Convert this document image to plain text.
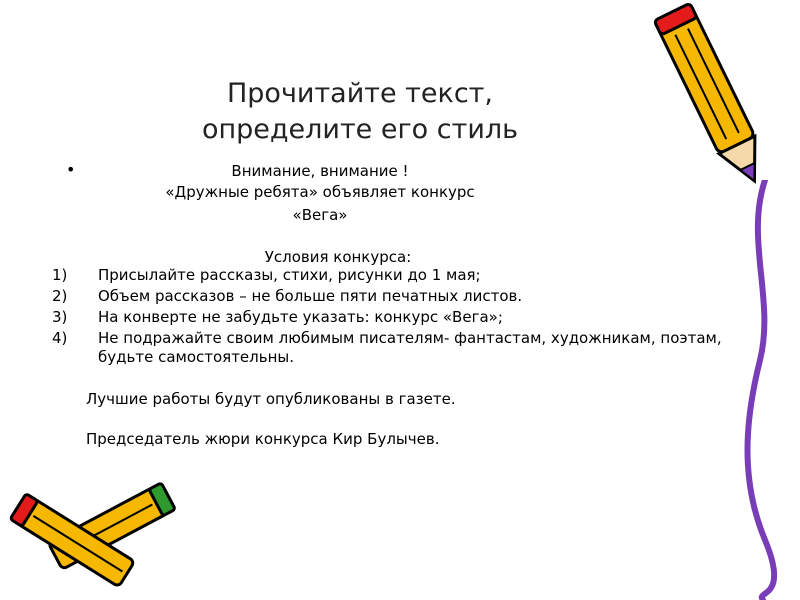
Прочитайте текст,
определите его стиль
•	Внимание, внимание !
«Дружные ребята» объявляет конкурс
«Вега»
Условия конкурса:
1) Присылайте рассказы, стихи, рисунки до 1 мая;
2) Объем рассказов – не больше пяти печатных листов.
3) На конверте не забудьте указать: конкурс «Вега»;
4) Не подражайте своим любимым писателям- фантастам, художникам, поэтам, будьте самостоятельны.
Лучшие работы будут опубликованы в газете.
Председатель жюри конкурса Кир Булычев.
